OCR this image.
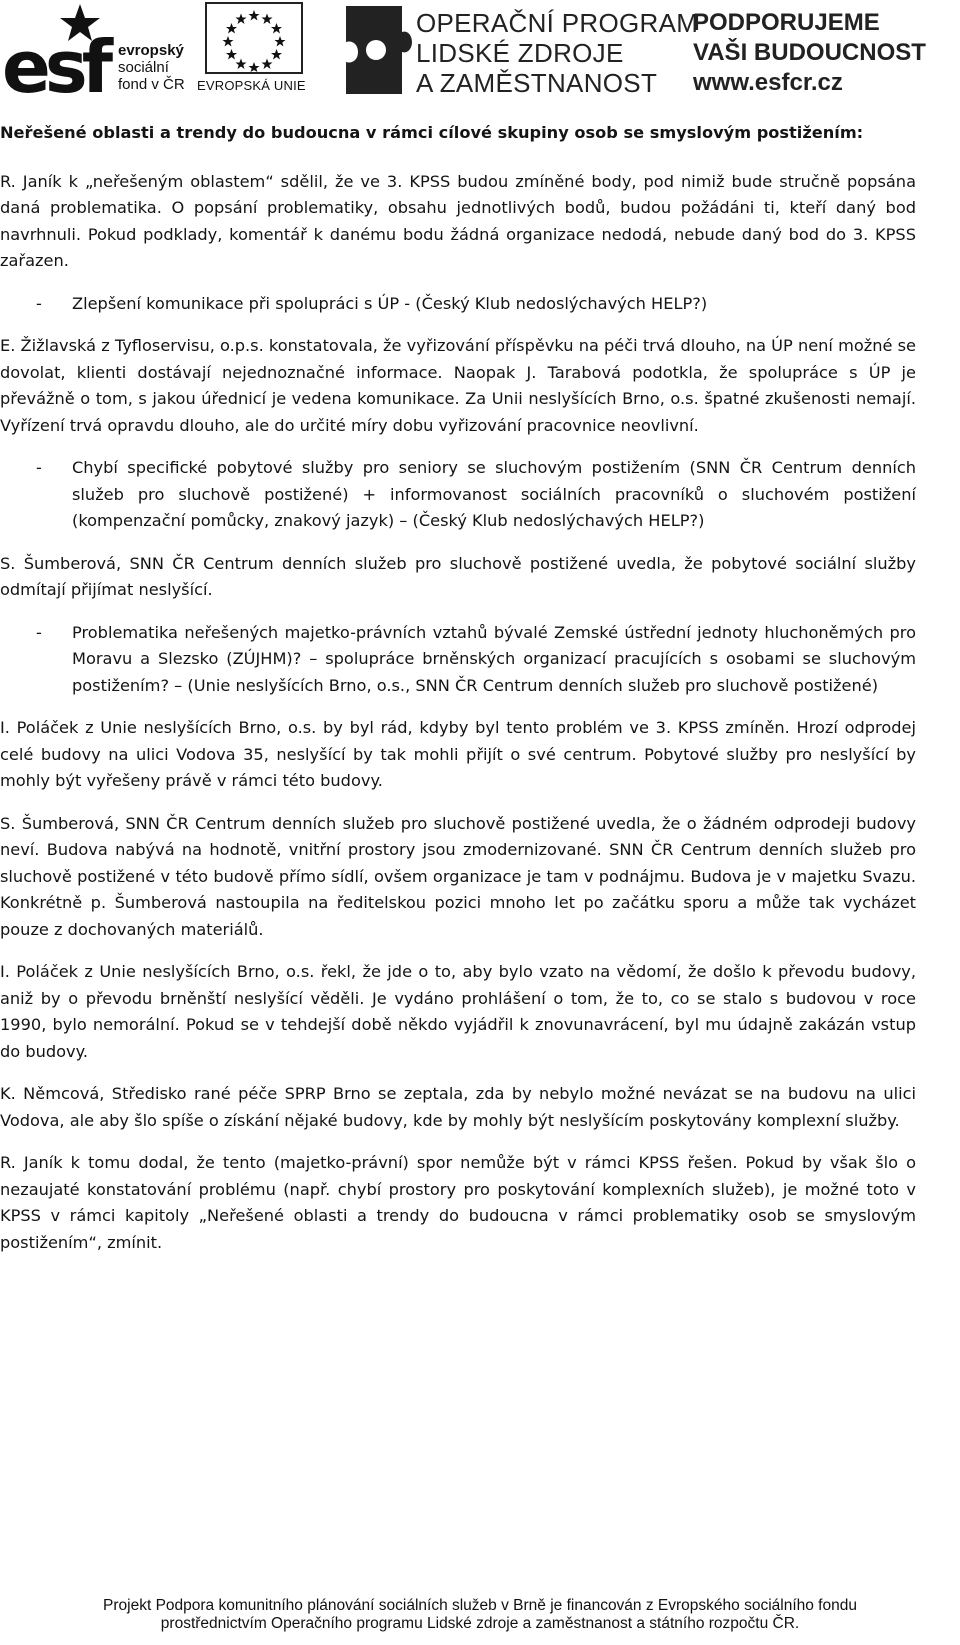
esf evropský
sociální
fond v ČR EVROPSKÁ UNIE
OPERAČNÍ PROGRAM
LIDSKÉ ZDROJE
A ZAMĚSTNANOST
PODPORUJEME
VAŠI BUDOUCNOST
www.esfcr.cz

Neřešené oblasti a trendy do budoucna v rámci cílové skupiny osob se smyslovým postižením:

R. Janík k „neřešeným oblastem“ sdělil, že ve 3. KPSS budou zmíněné body, pod nimiž bude stručně popsána daná problematika. O popsání problematiky, obsahu jednotlivých bodů, budou požádáni ti, kteří daný bod navrhnuli. Pokud podklady, komentář k danému bodu žádná organizace nedodá, nebude daný bod do 3. KPSS zařazen.

- Zlepšení komunikace při spolupráci s ÚP - (Český Klub nedoslýchavých HELP?)

E. Žižlavská z Tyfloservisu, o.p.s. konstatovala, že vyřizování příspěvku na péči trvá dlouho, na ÚP není možné se dovolat, klienti dostávají nejednoznačné informace. Naopak J. Tarabová podotkla, že spolupráce s ÚP je převážně o tom, s jakou úřednicí je vedena komunikace. Za Unii neslyšících Brno, o.s. špatné zkušenosti nemají. Vyřízení trvá opravdu dlouho, ale do určité míry dobu vyřizování pracovnice neovlivní.

- Chybí specifické pobytové služby pro seniory se sluchovým postižením (SNN ČR Centrum denních služeb pro sluchově postižené) + informovanost sociálních pracovníků o sluchovém postižení (kompenzační pomůcky, znakový jazyk) – (Český Klub nedoslýchavých HELP?)

S. Šumberová, SNN ČR Centrum denních služeb pro sluchově postižené uvedla, že pobytové sociální služby odmítají přijímat neslyšící.

- Problematika neřešených majetko-právních vztahů bývalé Zemské ústřední jednoty hluchoněmých pro Moravu a Slezsko (ZÚJHM)? – spolupráce brněnských organizací pracujících s osobami se sluchovým postižením? – (Unie neslyšících Brno, o.s., SNN ČR Centrum denních služeb pro sluchově postižené)

I. Poláček z Unie neslyšících Brno, o.s. by byl rád, kdyby byl tento problém ve 3. KPSS zmíněn. Hrozí odprodej celé budovy na ulici Vodova 35, neslyšící by tak mohli přijít o své centrum. Pobytové služby pro neslyšící by mohly být vyřešeny právě v rámci této budovy.

S. Šumberová, SNN ČR Centrum denních služeb pro sluchově postižené uvedla, že o žádném odprodeji budovy neví. Budova nabývá na hodnotě, vnitřní prostory jsou zmodernizované. SNN ČR Centrum denních služeb pro sluchově postižené v této budově přímo sídlí, ovšem organizace je tam v podnájmu. Budova je v majetku Svazu. Konkrétně p. Šumberová nastoupila na ředitelskou pozici mnoho let po začátku sporu a může tak vycházet pouze z dochovaných materiálů.

I. Poláček z Unie neslyšících Brno, o.s. řekl, že jde o to, aby bylo vzato na vědomí, že došlo k převodu budovy, aniž by o převodu brněnští neslyšící věděli. Je vydáno prohlášení o tom, že to, co se stalo s budovou v roce 1990, bylo nemorální. Pokud se v tehdejší době někdo vyjádřil k znovunavrácení, byl mu údajně zakázán vstup do budovy.

K. Němcová, Středisko rané péče SPRP Brno se zeptala, zda by nebylo možné nevázat se na budovu na ulici Vodova, ale aby šlo spíše o získání nějaké budovy, kde by mohly být neslyšícím poskytovány komplexní služby.

R. Janík k tomu dodal, že tento (majetko-právní) spor nemůže být v rámci KPSS řešen. Pokud by však šlo o nezaujaté konstatování problému (např. chybí prostory pro poskytování komplexních služeb), je možné toto v KPSS v rámci kapitoly „Neřešené oblasti a trendy do budoucna v rámci problematiky osob se smyslovým postižením“, zmínit.

Projekt Podpora komunitního plánování sociálních služeb v Brně je financován z Evropského sociálního fondu
prostřednictvím Operačního programu Lidské zdroje a zaměstnanost a státního rozpočtu ČR.
